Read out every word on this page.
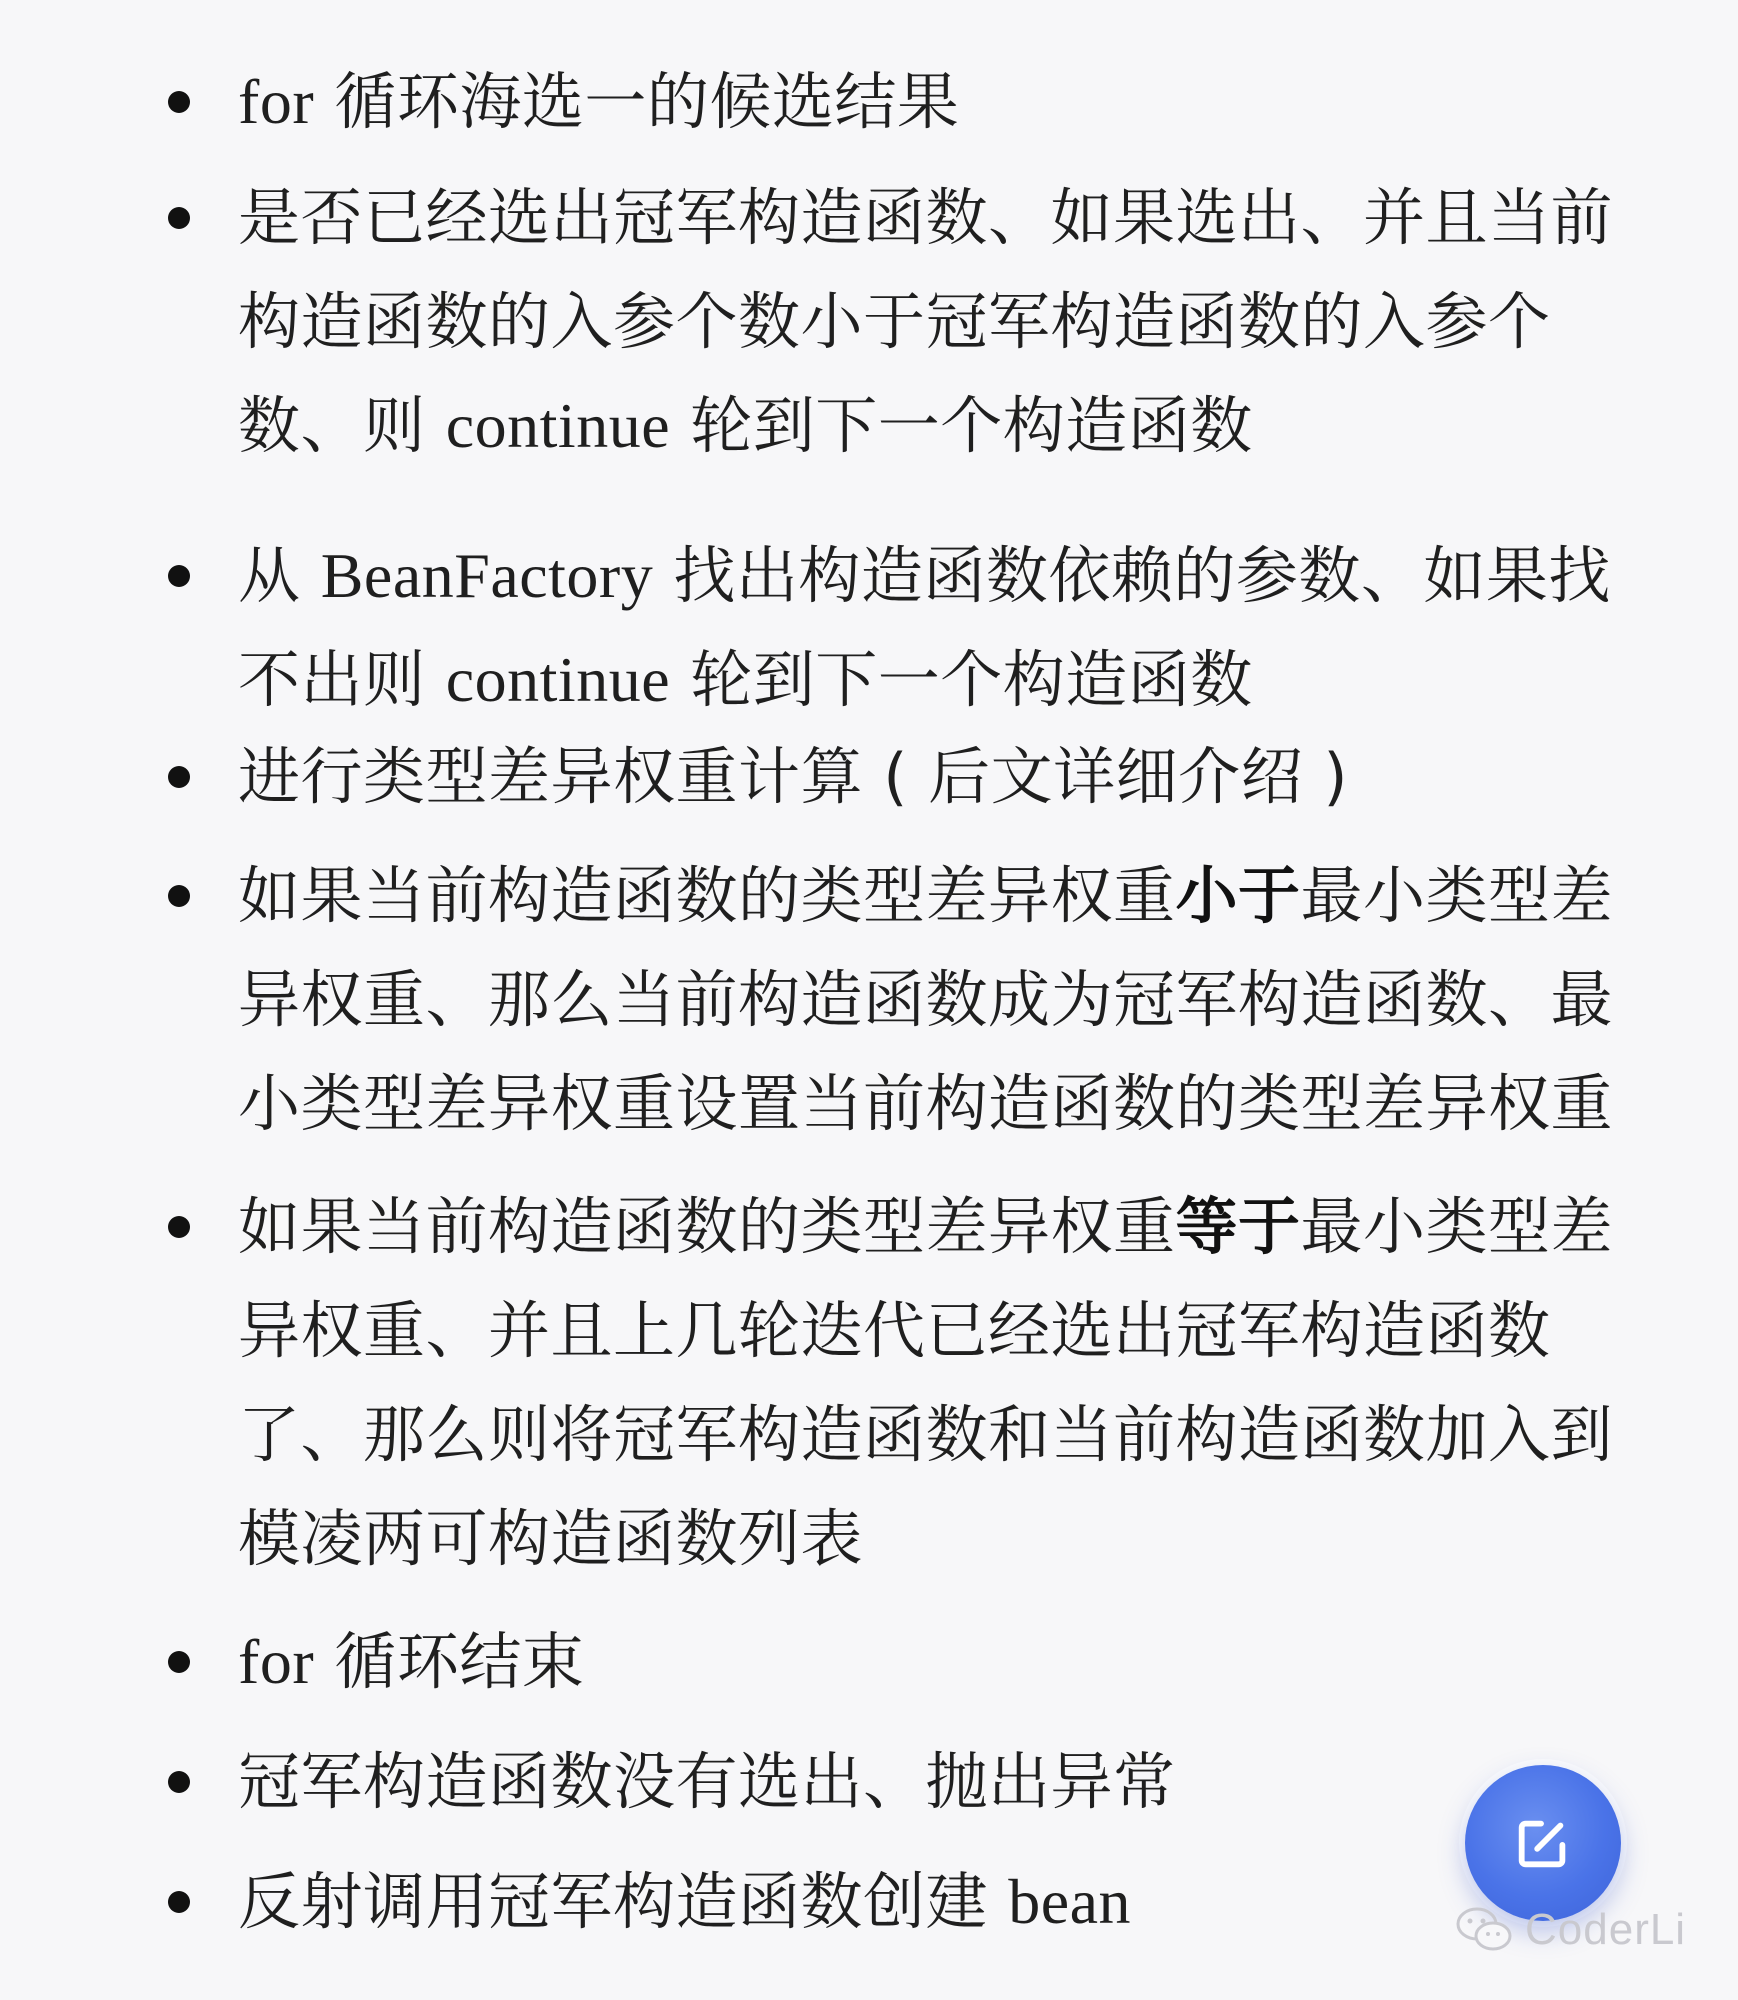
for 循环海选一的候选结果
是否已经选出冠军构造函数、如果选出、并且当前
构造函数的入参个数小于冠军构造函数的入参个
数、则 continue 轮到下一个构造函数
从 BeanFactory 找出构造函数依赖的参数、如果找
不出则 continue 轮到下一个构造函数
进行类型差异权重计算 ( 后文详细介绍 )
如果当前构造函数的类型差异权重小于最小类型差
异权重、那么当前构造函数成为冠军构造函数、最
小类型差异权重设置当前构造函数的类型差异权重
如果当前构造函数的类型差异权重等于最小类型差
异权重、并且上几轮迭代已经选出冠军构造函数
了、那么则将冠军构造函数和当前构造函数加入到
模凌两可构造函数列表
for 循环结束
冠军构造函数没有选出、抛出异常
反射调用冠军构造函数创建 bean	CoderLi
